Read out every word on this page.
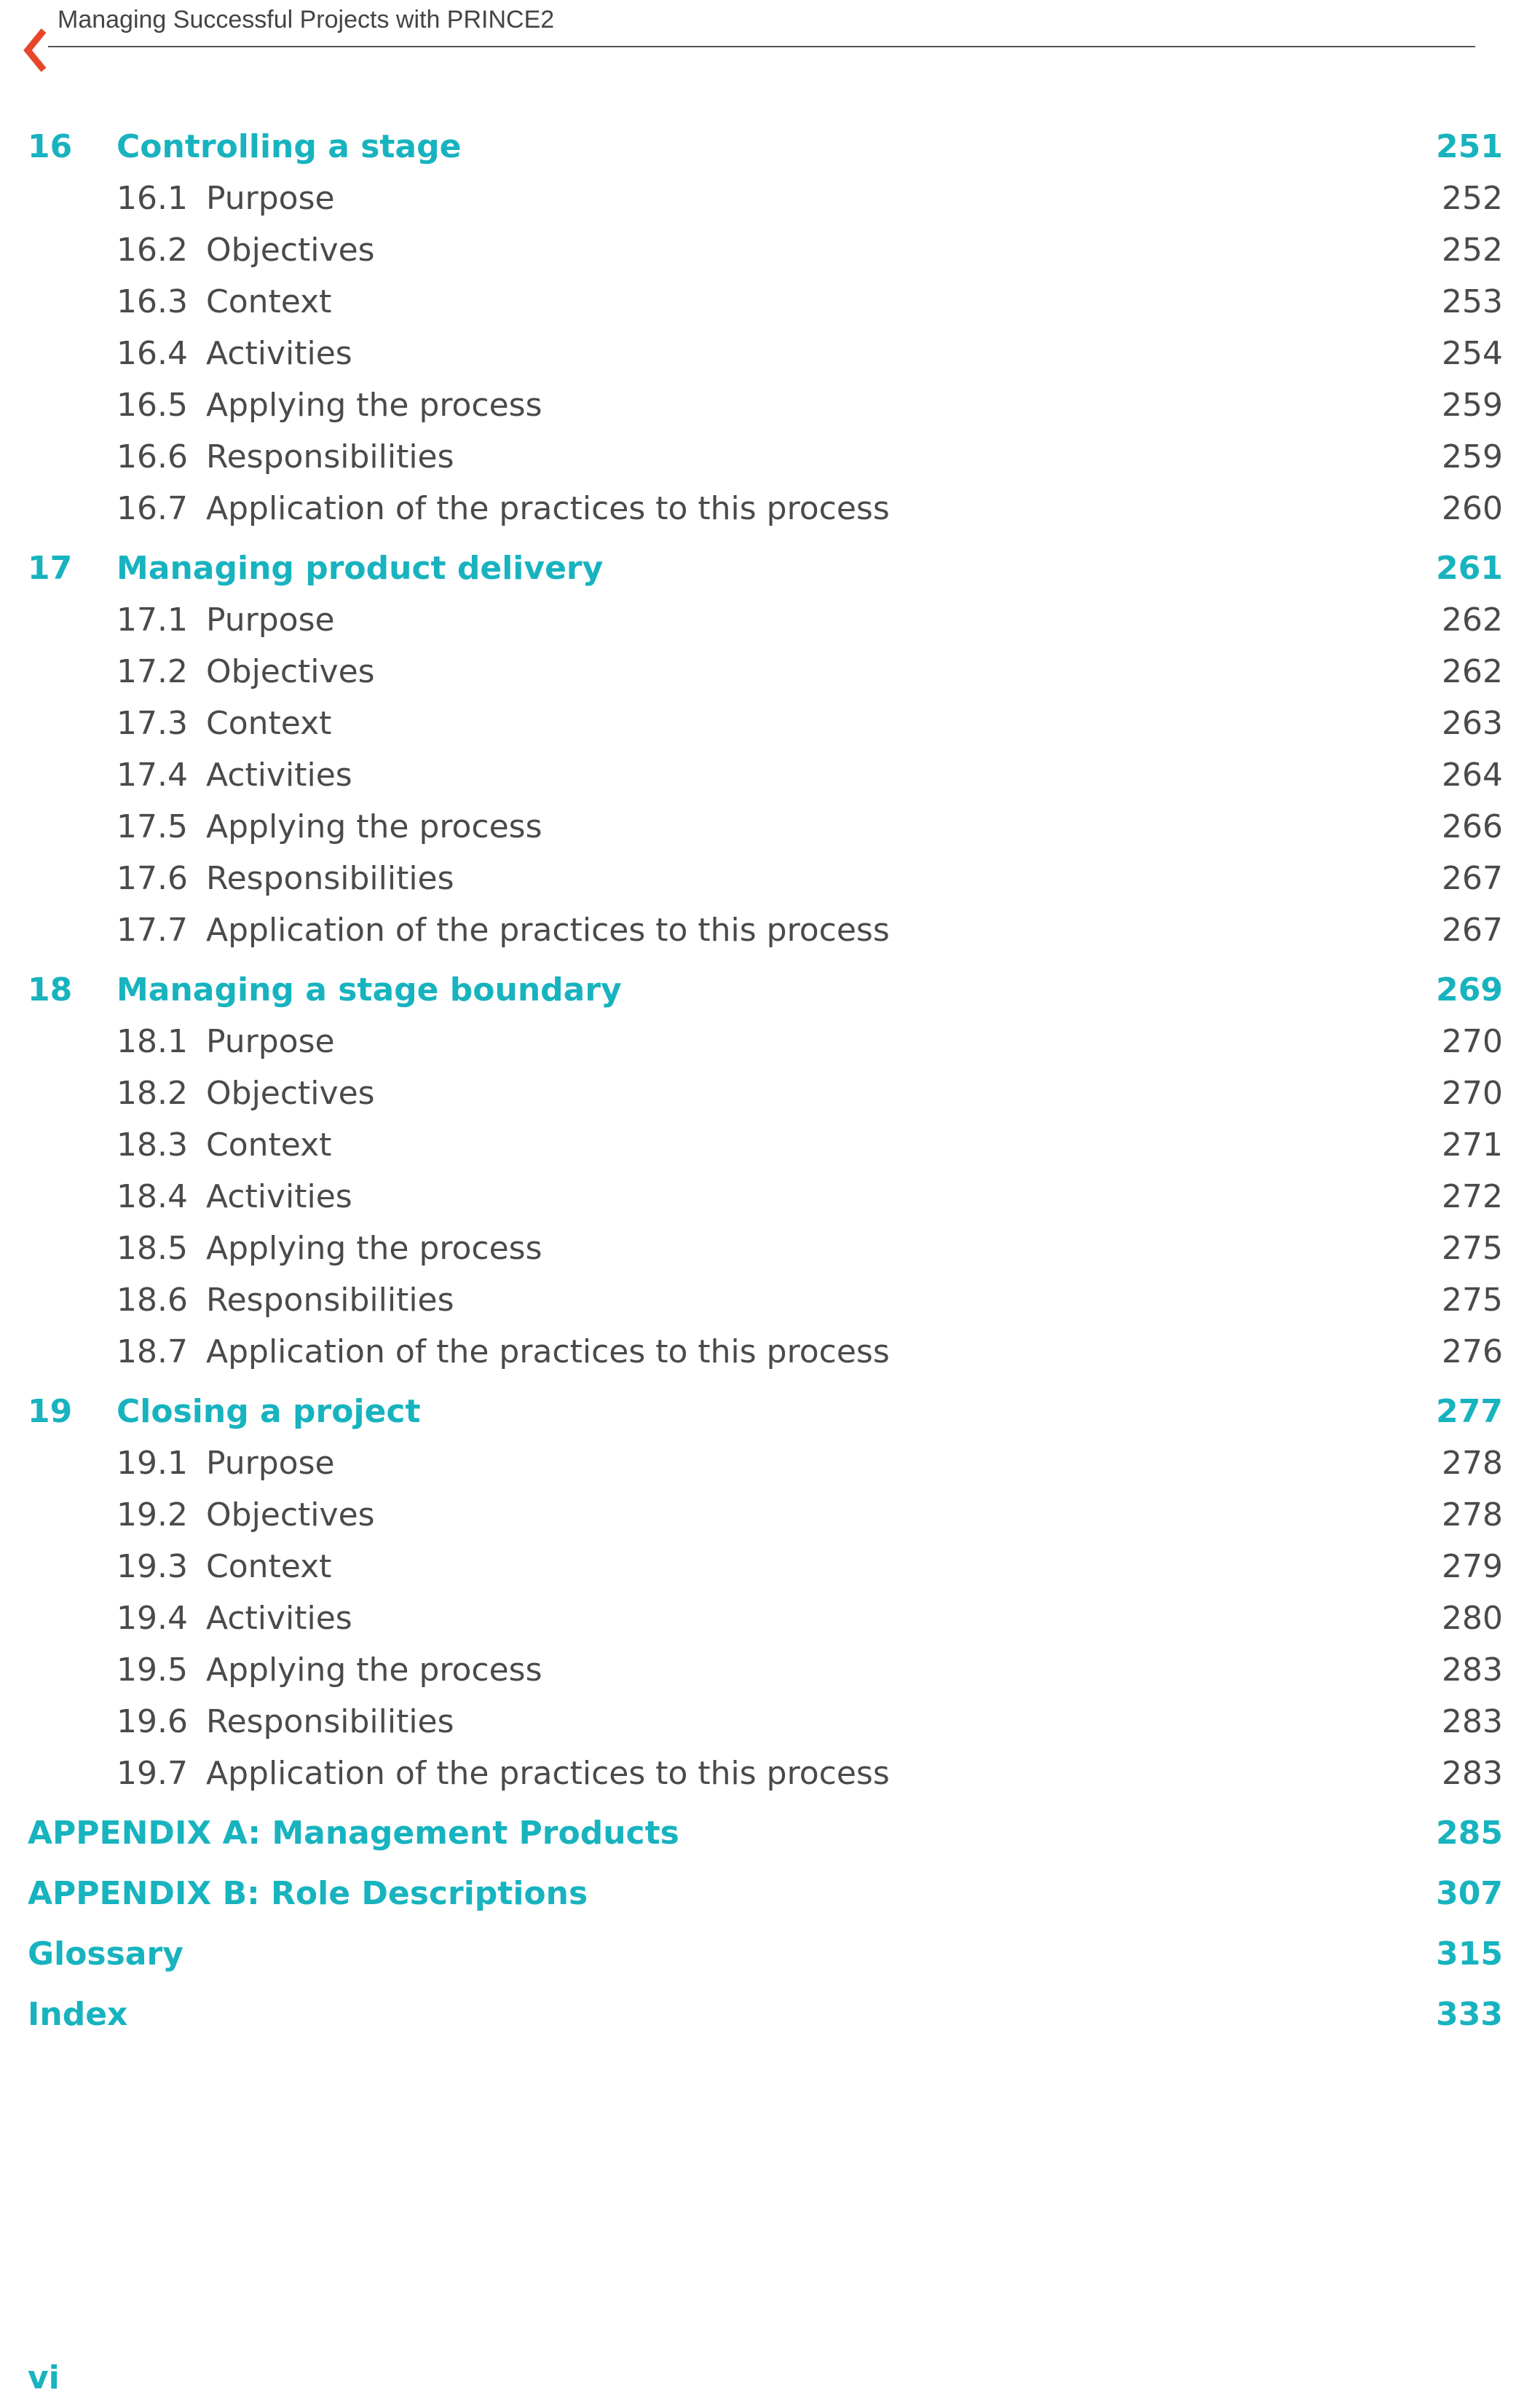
Managing Successful Projects with PRINCE2
16 Controlling a stage	251
16.1 Purpose	252
16.2 Objectives	252
16.3 Context	253
16.4 Activities	254
16.5 Applying the process	259
16.6 Responsibilities	259
16.7 Application of the practices to this process	260
17 Managing product delivery	261
17.1 Purpose	262
17.2 Objectives	262
17.3 Context	263
17.4 Activities	264
17.5 Applying the process	266
17.6 Responsibilities	267
17.7 Application of the practices to this process	267
18 Managing a stage boundary	269
18.1 Purpose	270
18.2 Objectives	270
18.3 Context	271
18.4 Activities	272
18.5 Applying the process	275
18.6 Responsibilities	275
18.7 Application of the practices to this process	276
19 Closing a project	277
19.1 Purpose	278
19.2 Objectives	278
19.3 Context	279
19.4 Activities	280
19.5 Applying the process	283
19.6 Responsibilities	283
19.7 Application of the practices to this process	283
APPENDIX A: Management Products	285
APPENDIX B: Role Descriptions	307
Glossary	315
Index	333
vi
